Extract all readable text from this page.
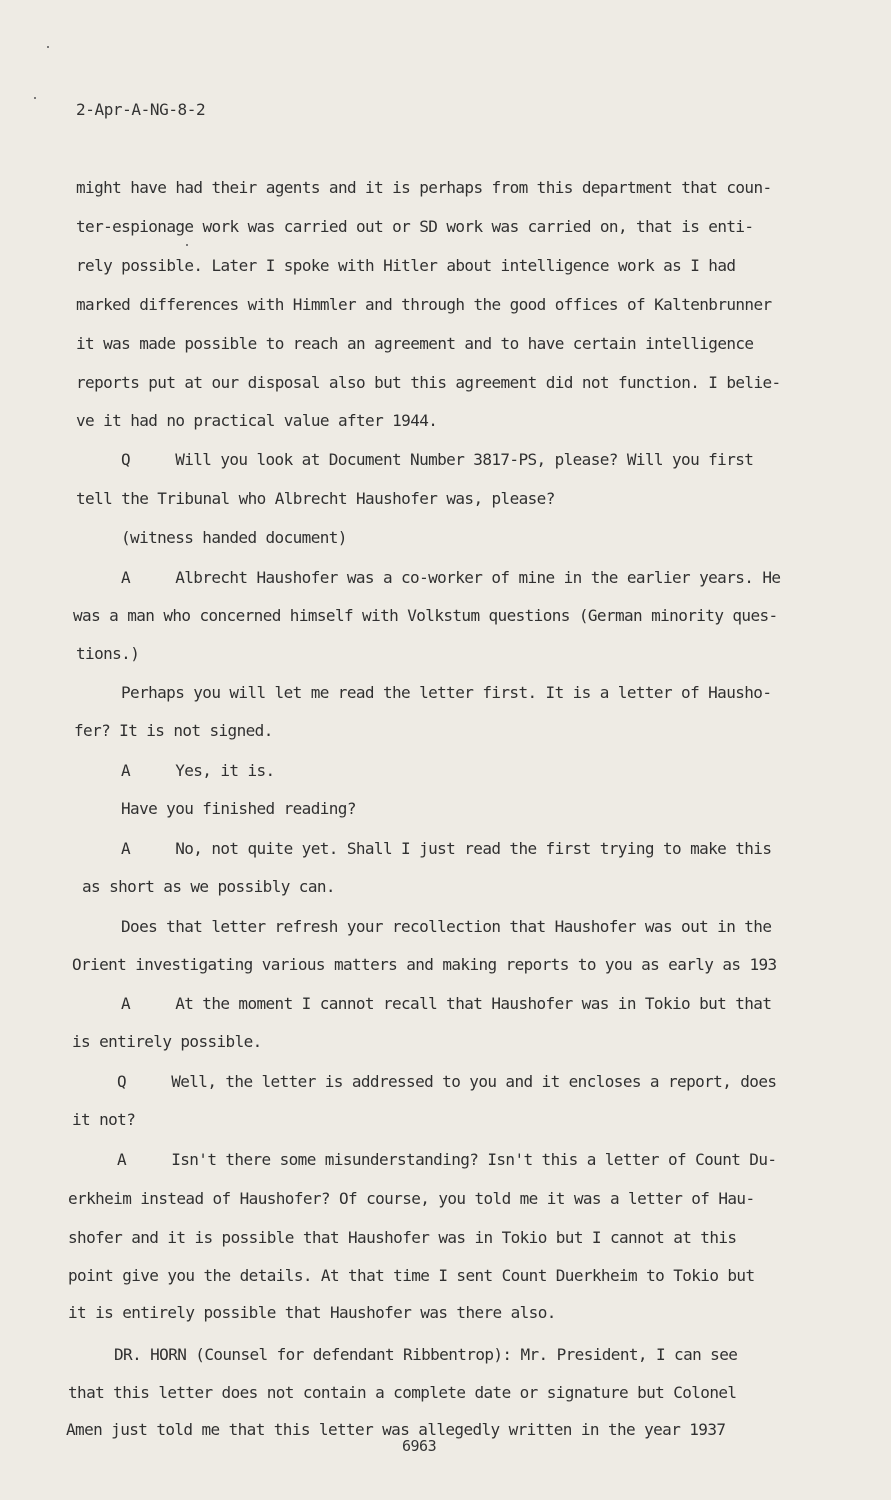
2-Apr-A-NG-8-2
might have had their agents and it is perhaps from this department that coun-
ter-espionage work was carried out or SD work was carried on, that is enti-
rely possible. Later I spoke with Hitler about intelligence work as I had
marked differences with Himmler and through the good offices of Kaltenbrunner
it was made possible to reach an agreement and to have certain intelligence
reports put at our disposal also but this agreement did not function. I belie-
ve it had no practical value after 1944.
Q     Will you look at Document Number 3817-PS, please? Will you first
tell the Tribunal who Albrecht Haushofer was, please?
(witness handed document)
A     Albrecht Haushofer was a co-worker of mine in the earlier years. He
was a man who concerned himself with Volkstum questions (German minority ques-
tions.)
Perhaps you will let me read the letter first. It is a letter of Hausho-
fer? It is not signed.
A     Yes, it is.
Have you finished reading?
A     No, not quite yet. Shall I just read the first trying to make this
as short as we possibly can.
Does that letter refresh your recollection that Haushofer was out in the
Orient investigating various matters and making reports to you as early as 193
A     At the moment I cannot recall that Haushofer was in Tokio but that
is entirely possible.
Q     Well, the letter is addressed to you and it encloses a report, does
it not?
A     Isn't there some misunderstanding? Isn't this a letter of Count Du-
erkheim instead of Haushofer? Of course, you told me it was a letter of Hau-
shofer and it is possible that Haushofer was in Tokio but I cannot at this
point give you the details. At that time I sent Count Duerkheim to Tokio but
it is entirely possible that Haushofer was there also.
DR. HORN (Counsel for defendant Ribbentrop): Mr. President, I can see
that this letter does not contain a complete date or signature but Colonel
Amen just told me that this letter was allegedly written in the year 1937
6963
